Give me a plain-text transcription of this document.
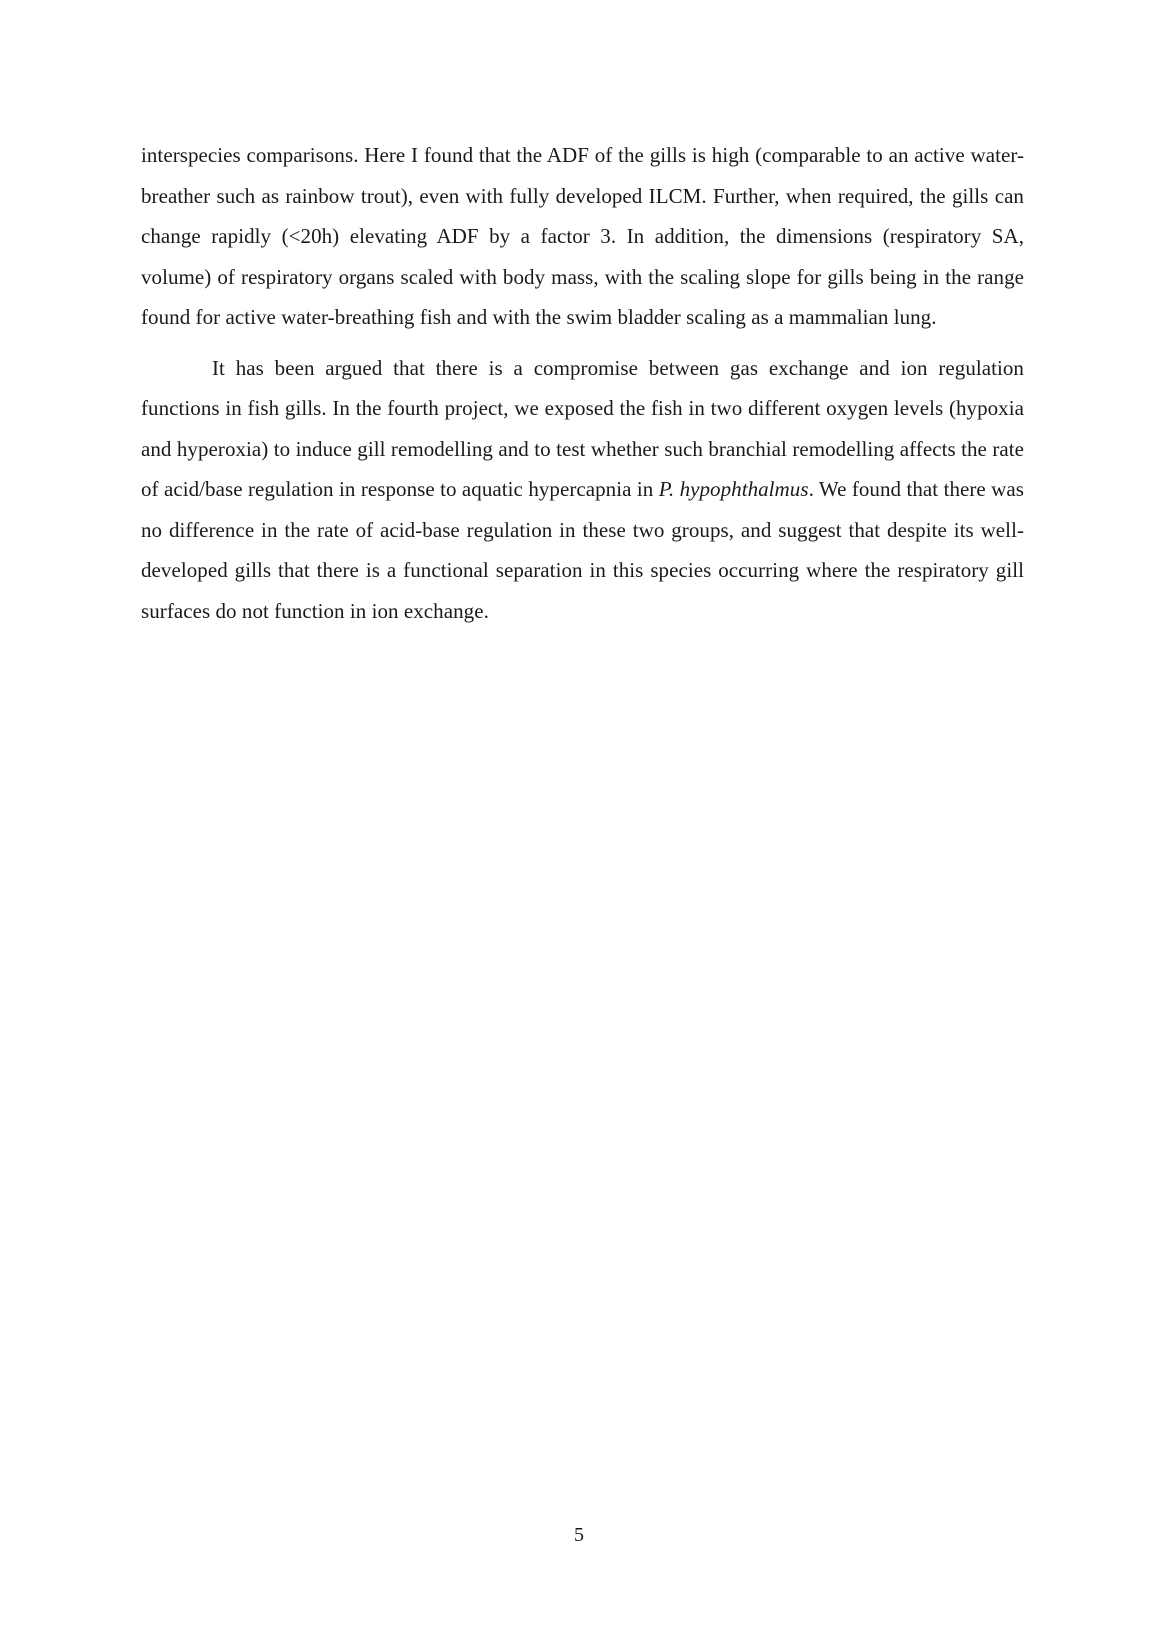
interspecies comparisons. Here I found that the ADF of the gills is high (comparable to an active water-breather such as rainbow trout), even with fully developed ILCM. Further, when required, the gills can change rapidly (<20h) elevating ADF by a factor 3. In addition, the dimensions (respiratory SA, volume) of respiratory organs scaled with body mass, with the scaling slope for gills being in the range found for active water-breathing fish and with the swim bladder scaling as a mammalian lung.

It has been argued that there is a compromise between gas exchange and ion regulation functions in fish gills. In the fourth project, we exposed the fish in two different oxygen levels (hypoxia and hyperoxia) to induce gill remodelling and to test whether such branchial remodelling affects the rate of acid/base regulation in response to aquatic hypercapnia in P. hypophthalmus. We found that there was no difference in the rate of acid-base regulation in these two groups, and suggest that despite its well-developed gills that there is a functional separation in this species occurring where the respiratory gill surfaces do not function in ion exchange.

5
